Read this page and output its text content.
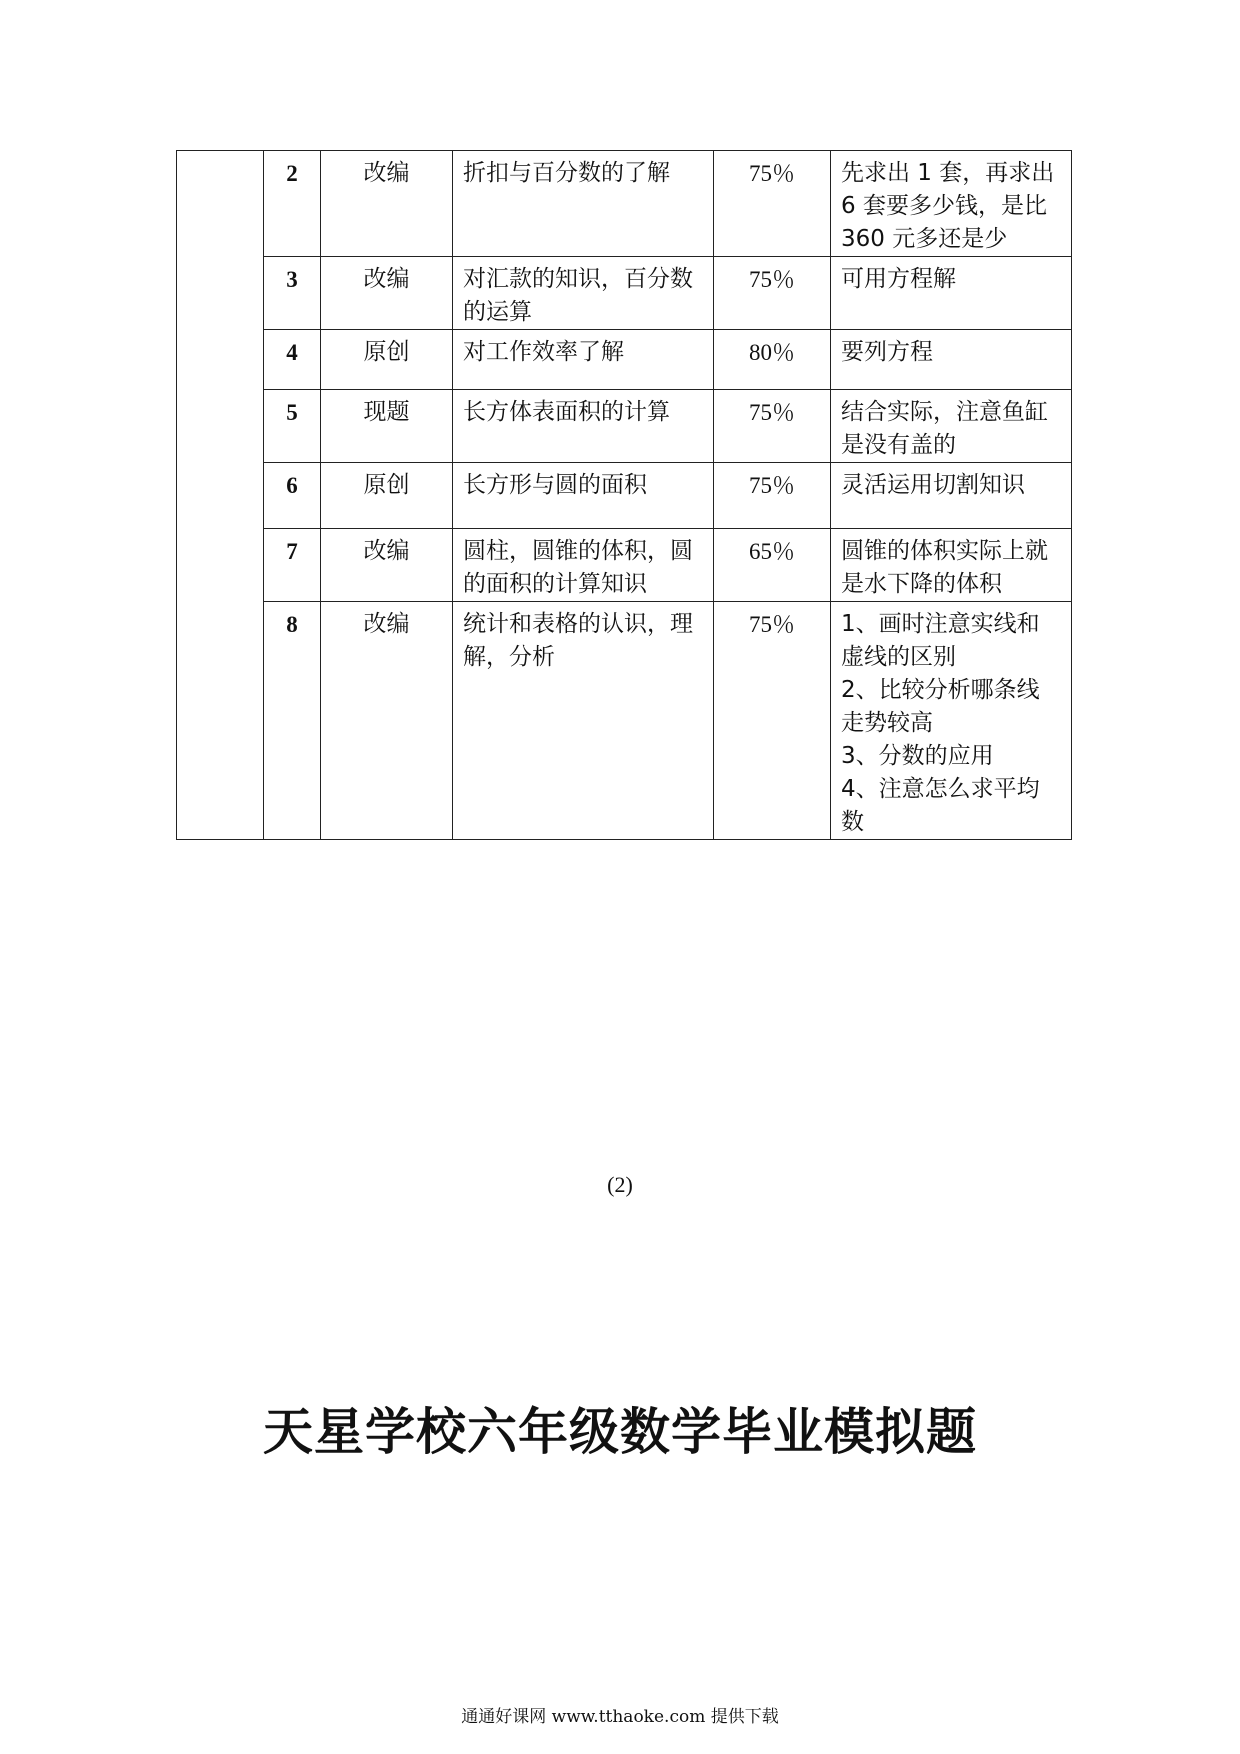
	2	改编	折扣与百分数的了解	75％	先求出 1 套，再求出 6 套要多少钱，是比 360 元多还是少
	3	改编	对汇款的知识，百分数的运算	75％	可用方程解
	4	原创	对工作效率了解	80％	要列方程
	5	现题	长方体表面积的计算	75％	结合实际，注意鱼缸是没有盖的
	6	原创	长方形与圆的面积	75％	灵活运用切割知识
	7	改编	圆柱，圆锥的体积，圆的面积的计算知识	65％	圆锥的体积实际上就是水下降的体积
	8	改编	统计和表格的认识，理解，分析	75％	1、画时注意实线和虚线的区别
2、比较分析哪条线走势较高
3、分数的应用
4、注意怎么求平均数
(2)
天星学校六年级数学毕业模拟题
通通好课网 www.tthaoke.com 提供下载
